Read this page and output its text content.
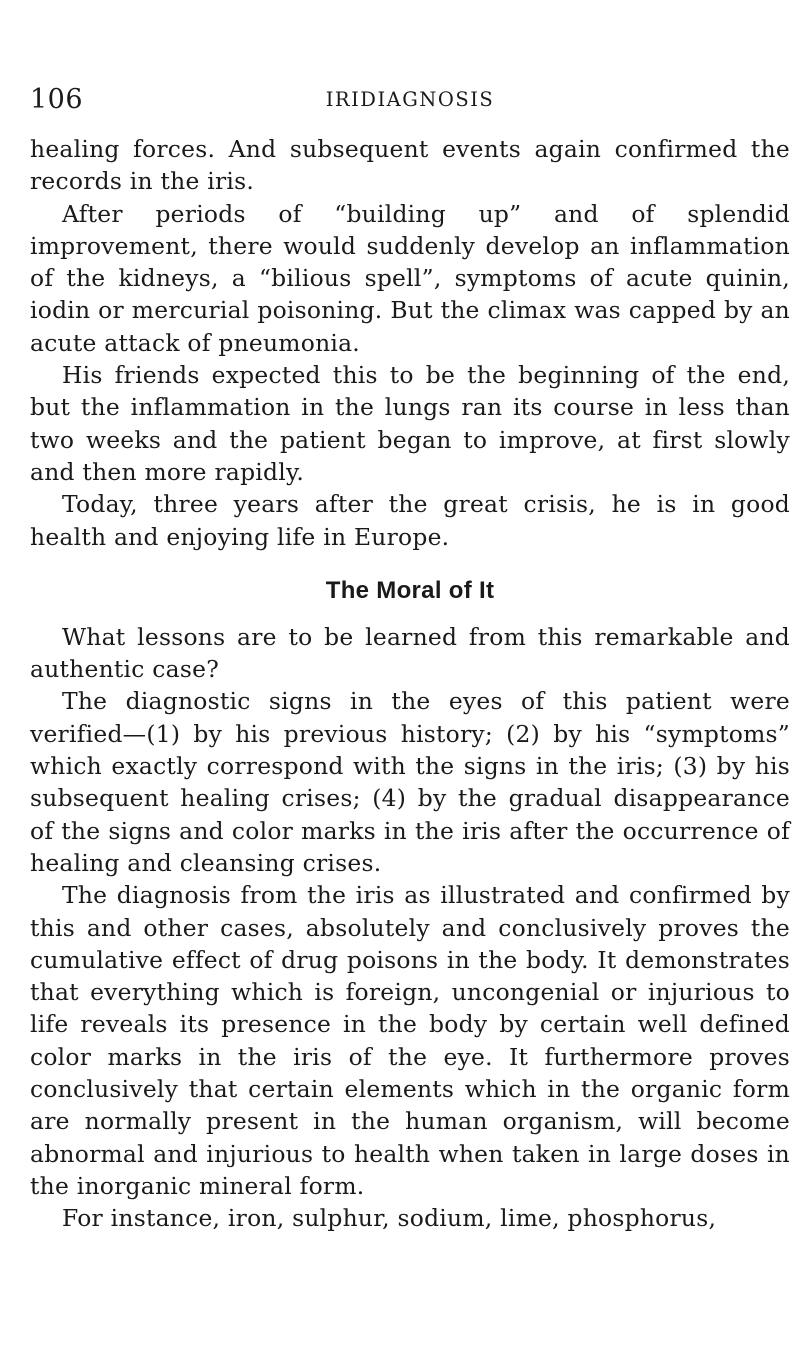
106	IRIDIAGNOSIS

healing forces. And subsequent events again confirmed the records in the iris.

After periods of “building up” and of splendid improvement, there would suddenly develop an inflammation of the kidneys, a “bilious spell”, symptoms of acute quinin, iodin or mercurial poisoning. But the climax was capped by an acute attack of pneumonia.

His friends expected this to be the beginning of the end, but the inflammation in the lungs ran its course in less than two weeks and the patient began to improve, at first slowly and then more rapidly.

Today, three years after the great crisis, he is in good health and enjoying life in Europe.

The Moral of It

What lessons are to be learned from this remarkable and authentic case?

The diagnostic signs in the eyes of this patient were verified—(1) by his previous history; (2) by his “symptoms” which exactly correspond with the signs in the iris; (3) by his subsequent healing crises; (4) by the gradual disappearance of the signs and color marks in the iris after the occurrence of healing and cleansing crises.

The diagnosis from the iris as illustrated and confirmed by this and other cases, absolutely and conclusively proves the cumulative effect of drug poisons in the body. It demonstrates that everything which is foreign, uncongenial or injurious to life reveals its presence in the body by certain well defined color marks in the iris of the eye. It furthermore proves conclusively that certain elements which in the organic form are normally present in the human organism, will become abnormal and injurious to health when taken in large doses in the inorganic mineral form.

For instance, iron, sulphur, sodium, lime, phosphorus,
